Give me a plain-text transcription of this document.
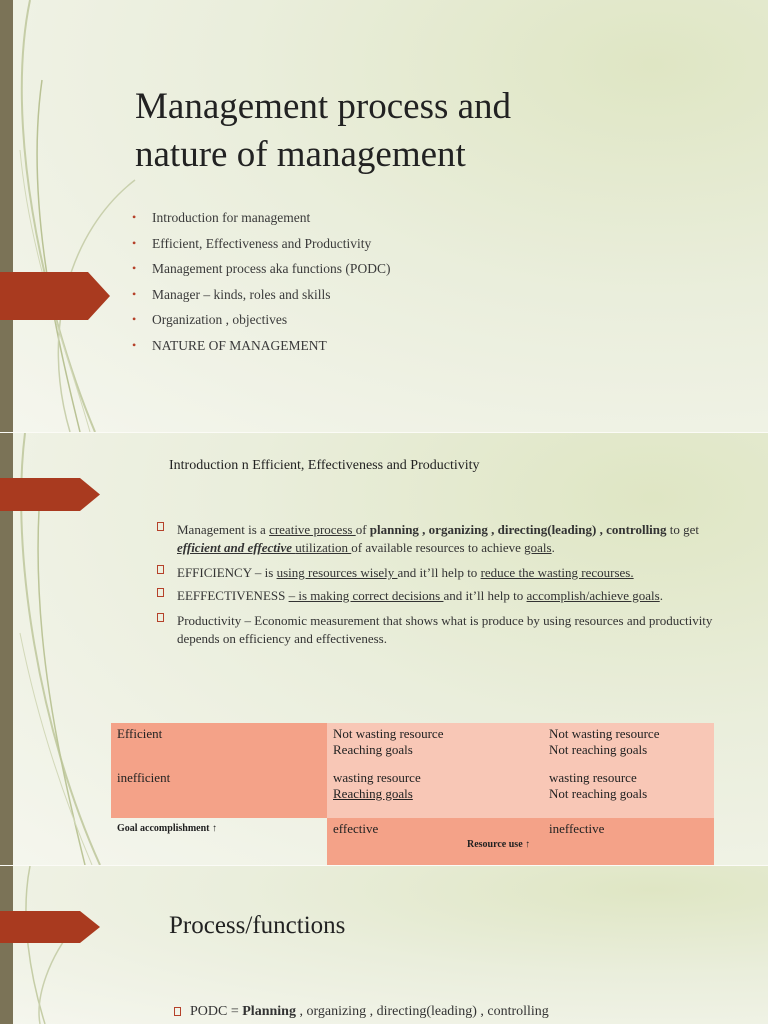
Management process and
nature of management
• Introduction for management
• Efficient, Effectiveness and Productivity
• Management process aka functions (PODC)
• Manager – kinds, roles and skills
• Organization , objectives
• NATURE OF MANAGEMENT
Introduction n Efficient, Effectiveness and Productivity
Management is a creative process of planning , organizing , directing(leading) , controlling to get efficient and effective utilization of available resources to achieve goals.
EFFICIENCY – is using resources wisely and it’ll help to reduce the wasting recourses.
EEFFECTIVENESS – is making correct decisions and it’ll help to accomplish/achieve goals.
Productivity – Economic measurement that shows what is produce by using resources and productivity depends on efficiency and effectiveness.
Efficient
inefficient
Not wasting resource
Reaching goals
wasting resource
Reaching goals
Not wasting resource
Not reaching goals
wasting resource
Not reaching goals
Goal accomplishment ↑	effective	ineffective
Resource use ↑
Process/functions
PODC = Planning , organizing , directing(leading) , controlling
